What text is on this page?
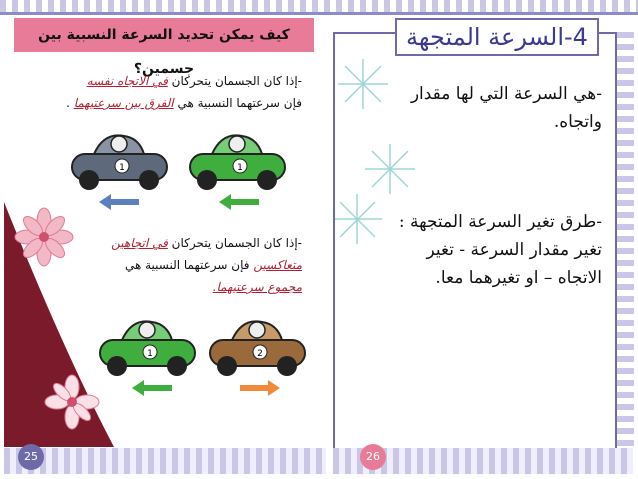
-إذا كان الجسمان يتحركان في الاتجاه نفسه
فإن سرعتهما النسبية هي الفرق بين سرعتيهما .
1	1
-إذا كان الجسمان يتحركان في اتجاهين
متعاكسين فإن سرعتهما النسبية هي
مجموع سرعتيهما.
1	2
كيف يمكن تحديد السرعة النسبية بين جسمين؟
25
4-السرعة المتجهة
-هي السرعة التي لها مقدار
واتجاه.
-طرق تغير السرعة المتجهة :
تغير مقدار السرعة - تغير
الاتجاه – او تغيرهما معا.
26
